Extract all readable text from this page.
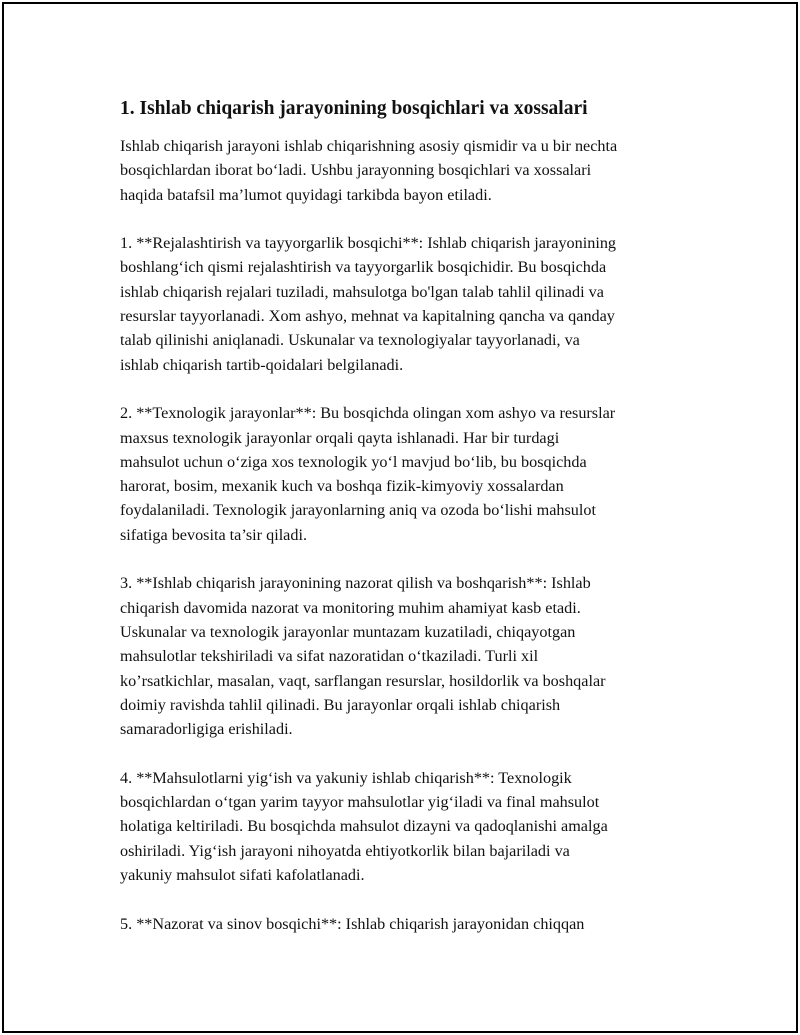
1. Ishlab chiqarish jarayonining bosqichlari va xossalari

Ishlab chiqarish jarayoni ishlab chiqarishning asosiy qismidir va u bir nechta
bosqichlardan iborat bo‘ladi. Ushbu jarayonning bosqichlari va xossalari
haqida batafsil ma’lumot quyidagi tarkibda bayon etiladi.

1. **Rejalashtirish va tayyorgarlik bosqichi**: Ishlab chiqarish jarayonining
boshlang‘ich qismi rejalashtirish va tayyorgarlik bosqichidir. Bu bosqichda
ishlab chiqarish rejalari tuziladi, mahsulotga bo'lgan talab tahlil qilinadi va
resurslar tayyorlanadi. Xom ashyo, mehnat va kapitalning qancha va qanday
talab qilinishi aniqlanadi. Uskunalar va texnologiyalar tayyorlanadi, va
ishlab chiqarish tartib-qoidalari belgilanadi.

2. **Texnologik jarayonlar**: Bu bosqichda olingan xom ashyo va resurslar
maxsus texnologik jarayonlar orqali qayta ishlanadi. Har bir turdagi
mahsulot uchun o‘ziga xos texnologik yo‘l mavjud bo‘lib, bu bosqichda
harorat, bosim, mexanik kuch va boshqa fizik-kimyoviy xossalardan
foydalaniladi. Texnologik jarayonlarning aniq va ozoda bo‘lishi mahsulot
sifatiga bevosita ta’sir qiladi.

3. **Ishlab chiqarish jarayonining nazorat qilish va boshqarish**: Ishlab
chiqarish davomida nazorat va monitoring muhim ahamiyat kasb etadi.
Uskunalar va texnologik jarayonlar muntazam kuzatiladi, chiqayotgan
mahsulotlar tekshiriladi va sifat nazoratidan o‘tkaziladi. Turli xil
ko’rsatkichlar, masalan, vaqt, sarflangan resurslar, hosildorlik va boshqalar
doimiy ravishda tahlil qilinadi. Bu jarayonlar orqali ishlab chiqarish
samaradorligiga erishiladi.

4. **Mahsulotlarni yig‘ish va yakuniy ishlab chiqarish**: Texnologik
bosqichlardan o‘tgan yarim tayyor mahsulotlar yig‘iladi va final mahsulot
holatiga keltiriladi. Bu bosqichda mahsulot dizayni va qadoqlanishi amalga
oshiriladi. Yig‘ish jarayoni nihoyatda ehtiyotkorlik bilan bajariladi va
yakuniy mahsulot sifati kafolatlanadi.

5. **Nazorat va sinov bosqichi**: Ishlab chiqarish jarayonidan chiqqan
